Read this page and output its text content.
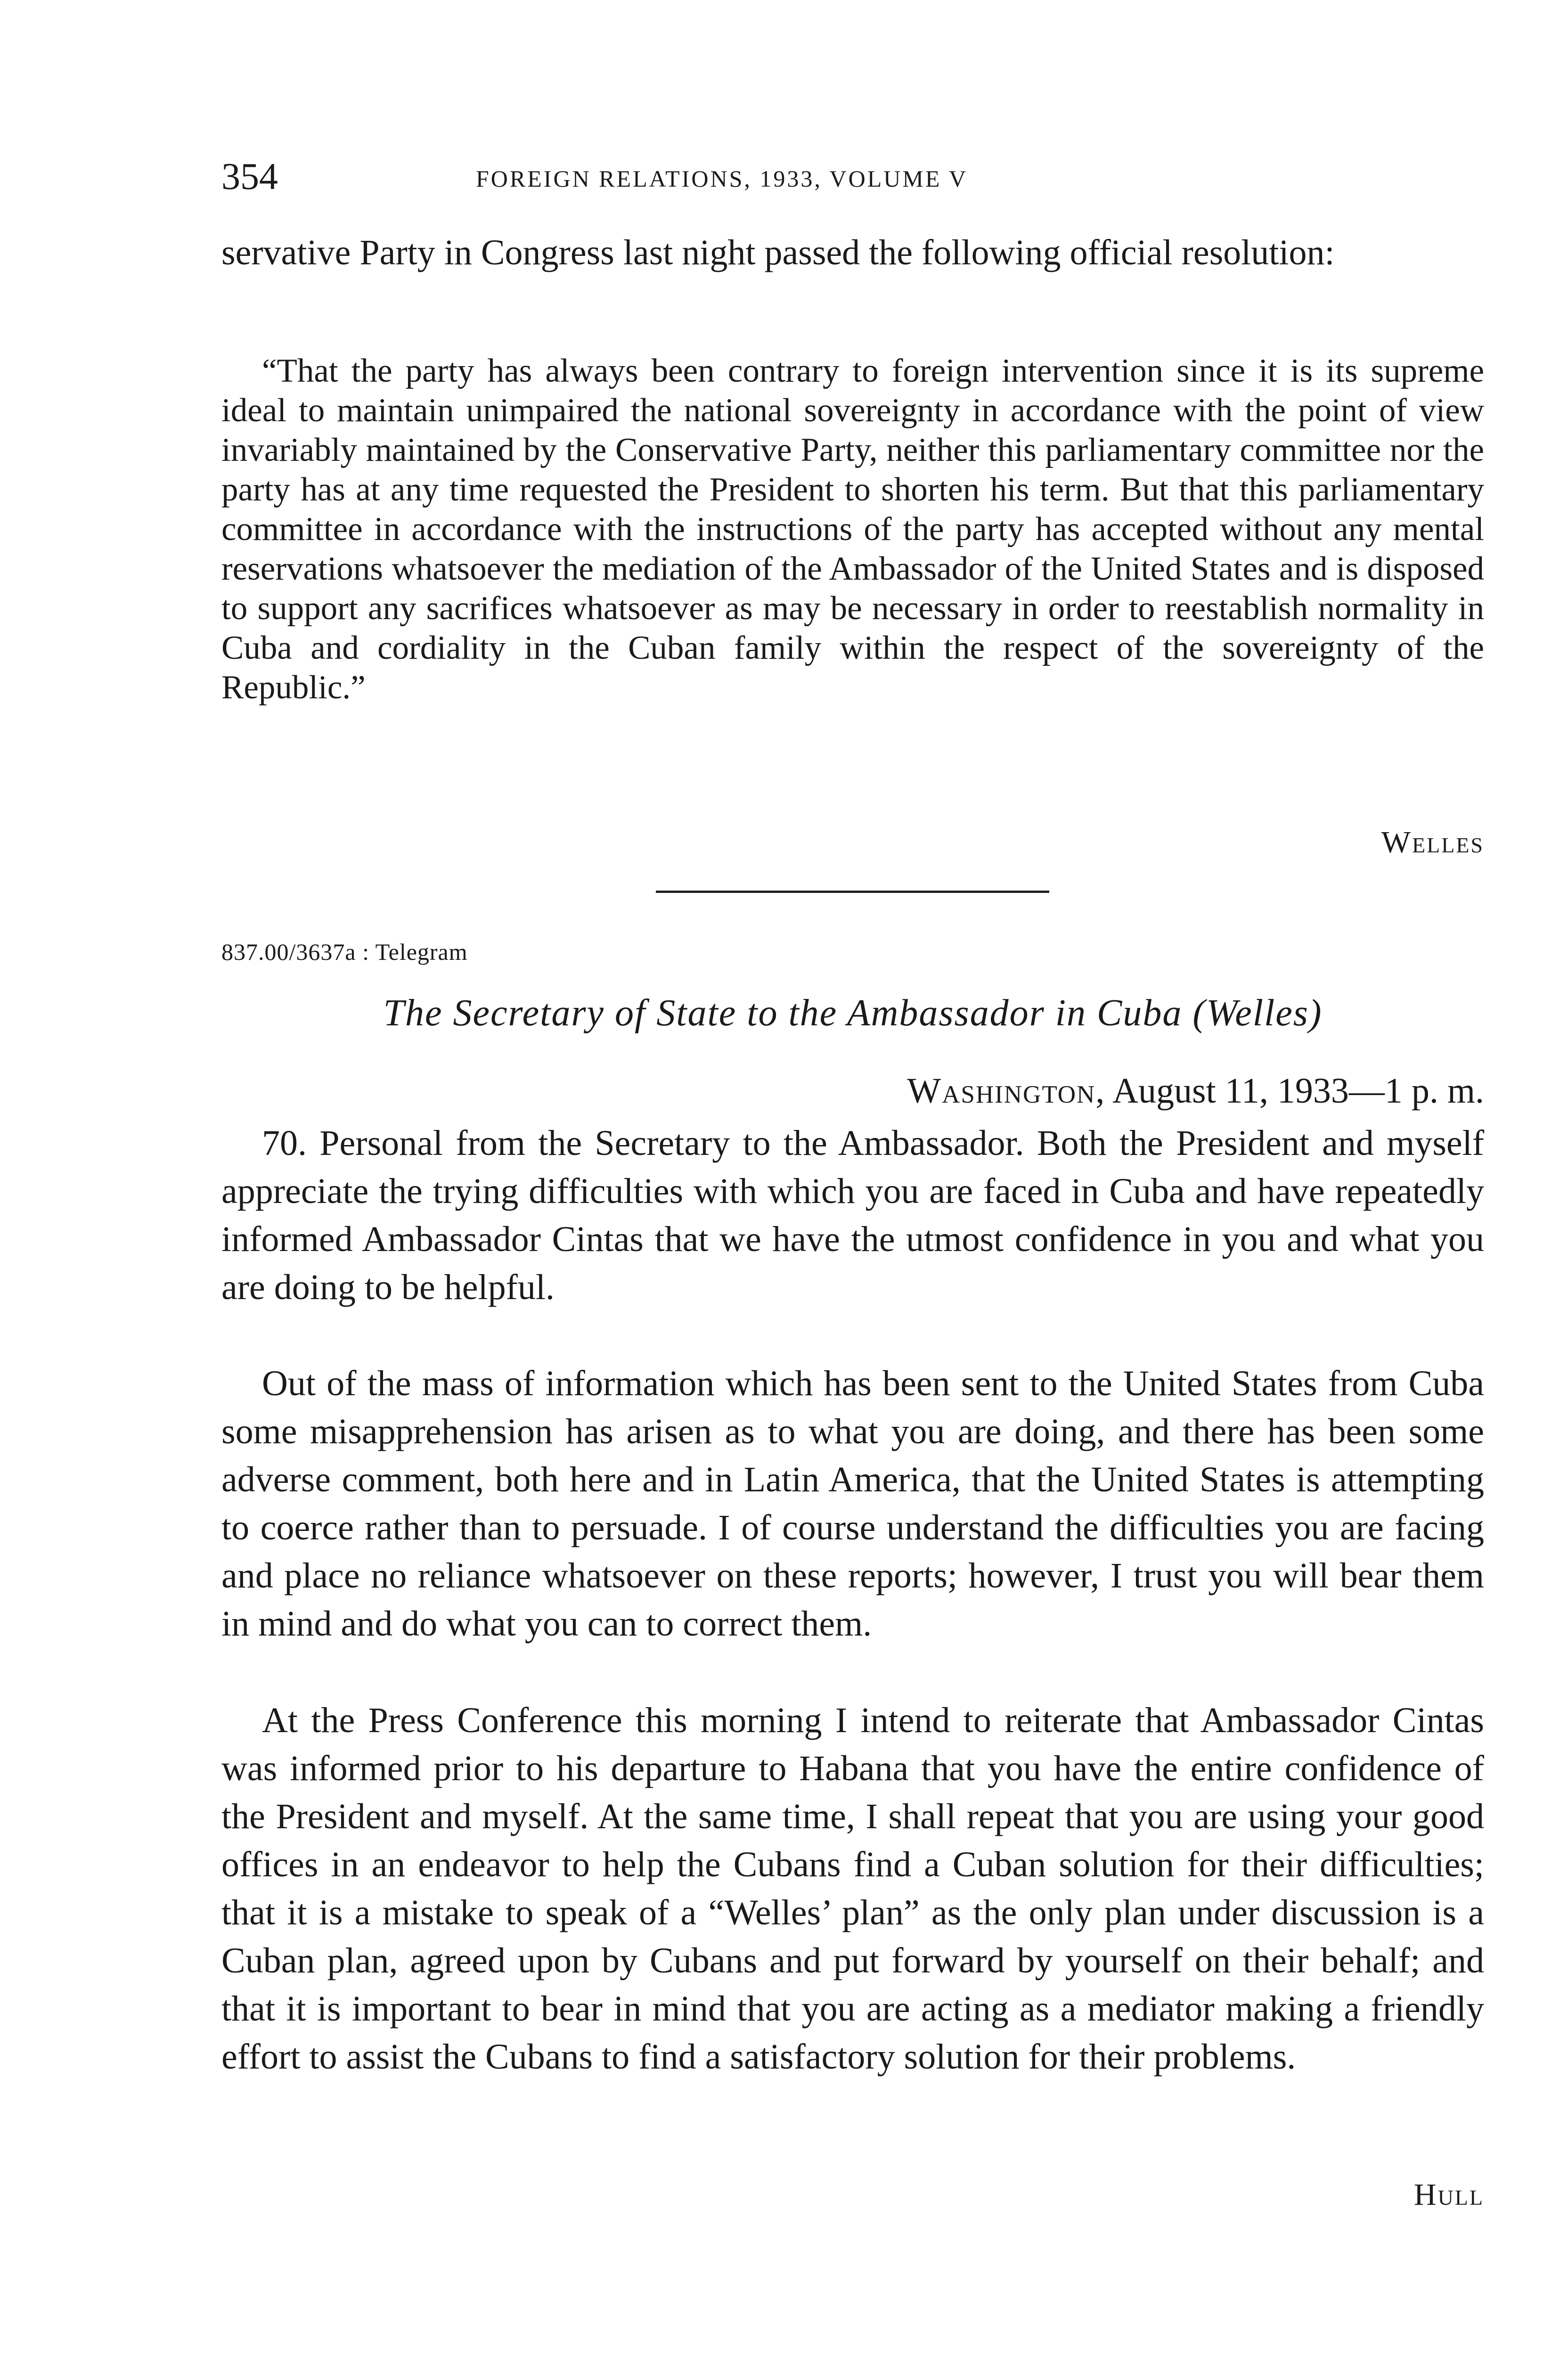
354	FOREIGN RELATIONS, 1933, VOLUME V

servative Party in Congress last night passed the following official resolution:

“That the party has always been contrary to foreign intervention since it is its supreme ideal to maintain unimpaired the national sovereignty in accordance with the point of view invariably maintained by the Conservative Party, neither this parliamentary committee nor the party has at any time requested the President to shorten his term. But that this parliamentary committee in accordance with the instructions of the party has accepted without any mental reservations whatsoever the mediation of the Ambassador of the United States and is disposed to support any sacrifices whatsoever as may be necessary in order to reestablish normality in Cuba and cordiality in the Cuban family within the respect of the sovereignty of the Republic.”

Welles
837.00/3637a : Telegram
The Secretary of State to the Ambassador in Cuba (Welles)
Washington, August 11, 1933—1 p. m.

70. Personal from the Secretary to the Ambassador. Both the President and myself appreciate the trying difficulties with which you are faced in Cuba and have repeatedly informed Ambassador Cintas that we have the utmost confidence in you and what you are doing to be helpful.

Out of the mass of information which has been sent to the United States from Cuba some misapprehension has arisen as to what you are doing, and there has been some adverse comment, both here and in Latin America, that the United States is attempting to coerce rather than to persuade. I of course understand the difficulties you are facing and place no reliance whatsoever on these reports; however, I trust you will bear them in mind and do what you can to correct them.

At the Press Conference this morning I intend to reiterate that Ambassador Cintas was informed prior to his departure to Habana that you have the entire confidence of the President and myself. At the same time, I shall repeat that you are using your good offices in an endeavor to help the Cubans find a Cuban solution for their difficulties; that it is a mistake to speak of a “Welles’ plan” as the only plan under discussion is a Cuban plan, agreed upon by Cubans and put forward by yourself on their behalf; and that it is important to bear in mind that you are acting as a mediator making a friendly effort to assist the Cubans to find a satisfactory solution for their problems.

Hull
